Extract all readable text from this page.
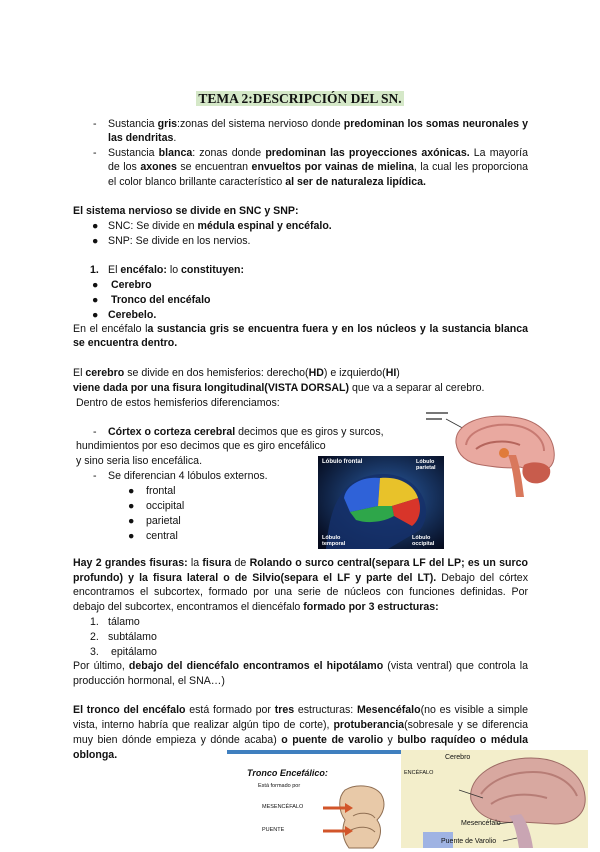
TEMA 2:DESCRIPCIÓN DEL SN.
- Sustancia gris:zonas del sistema nervioso donde predominan los somas neuronales y las dendritas.
- Sustancia blanca: zonas donde predominan las proyecciones axónicas. La mayoría de los axones se encuentran envueltos por vainas de mielina, la cual les proporciona el color blanco brillante característico al ser de naturaleza lipídica.
El sistema nervioso se divide en SNC y SNP:
● SNC: Se divide en médula espinal y encéfalo.
● SNP: Se divide en los nervios.
1. El encéfalo: lo constituyen:
● Cerebro
● Tronco del encéfalo
● Cerebelo.
En el encéfalo la sustancia gris se encuentra fuera y en los núcleos y la sustancia blanca se encuentra dentro.
El cerebro se divide en dos hemisferios: derecho(HD) e izquierdo(HI)
viene dada por una fisura longitudinal(VISTA DORSAL) que va a separar al cerebro.
Dentro de estos hemisferios diferenciamos:
- Córtex o corteza cerebral decimos que es giros y surcos,
hundimientos por eso decimos que es giro encefálico
y sino seria liso encefálica.
- Se diferencian 4 lóbulos externos.
● frontal
● occipital
● parietal
● central
Lóbulo frontal	Lóbulo parietal
Lóbulo temporal
Lóbulo occipital
Hay 2 grandes fisuras: la fisura de Rolando o surco central(separa LF del LP; es un surco profundo) y la fisura lateral o de Silvio(separa el LF y parte del LT). Debajo del córtex encontramos el subcortex, formado por una serie de núcleos con funciones definidas. Por debajo del subcortex, encontramos el diencéfalo formado por 3 estructuras:
1. tálamo
2. subtálamo
3. epitálamo
Por último, debajo del diencéfalo encontramos el hipotálamo (vista ventral) que controla la producción hormonal, el SNA…)
El tronco del encéfalo está formado por tres estructuras: Mesencéfalo(no es visible a simple vista, interno habría que realizar algún tipo de corte), protuberancia(sobresale y se diferencia muy bien dónde empieza y dónde acaba) o puente de varolio y bulbo raquídeo o médula oblonga.
Tronco Encefálico:
Está formado por
MESENCÉFALO
PUENTE
Cerebro
ENCÉFALO
Mesencéfalo
Puente de Varolio
